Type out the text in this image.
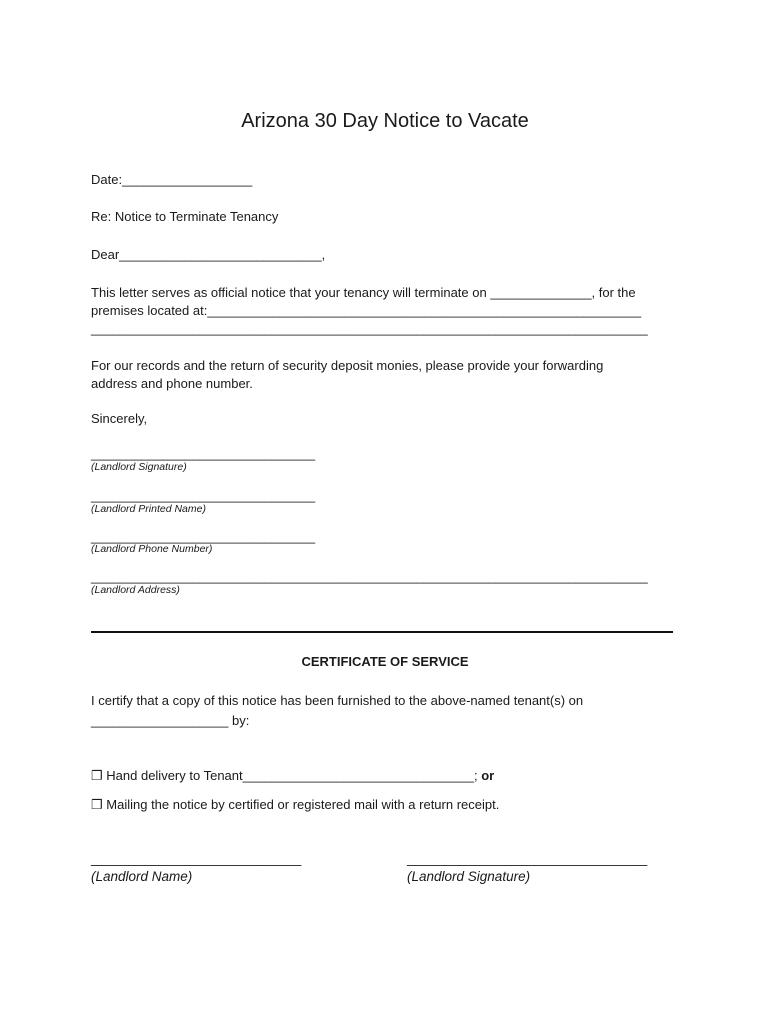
Arizona 30 Day Notice to Vacate
Date:__________________
Re: Notice to Terminate Tenancy
Dear____________________________,
This letter serves as official notice that your tenancy will terminate on ______________, for the
premises located at:____________________________________________________________
_____________________________________________________________________________
For our records and the return of security deposit monies, please provide your forwarding
address and phone number.
Sincerely,
_______________________________
(Landlord Signature)
_______________________________
(Landlord Printed Name)
_______________________________
(Landlord Phone Number)
_____________________________________________________________________________
(Landlord Address)
CERTIFICATE OF SERVICE
I certify that a copy of this notice has been furnished to the above-named tenant(s) on
___________________ by:
❒ Hand delivery to Tenant________________________________; or
❒ Mailing the notice by certified or registered mail with a return receipt.
____________________________
(Landlord Name)
________________________________
(Landlord Signature)
